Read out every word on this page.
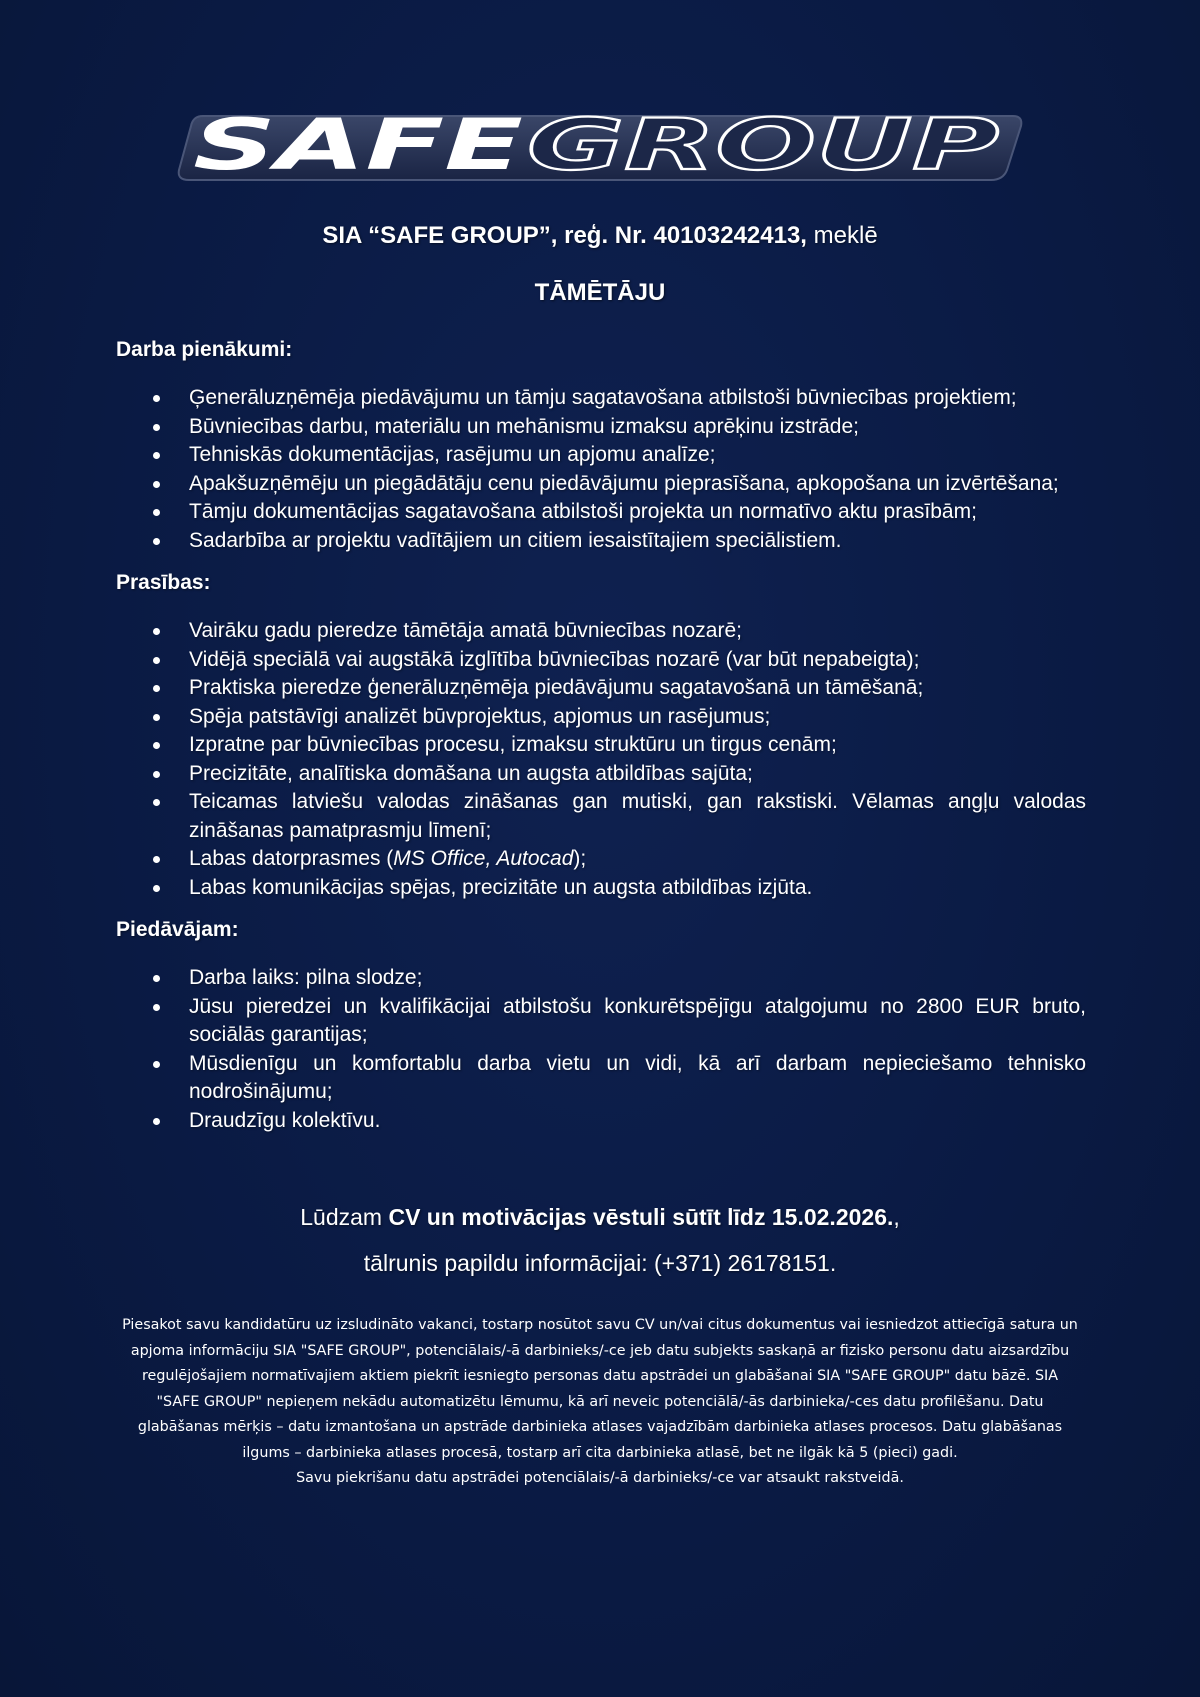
SAFE GROUP
SIA “SAFE GROUP”, reģ. Nr. 40103242413, meklē
TĀMĒTĀJU
Darba pienākumi:
Ģenerāluzņēmēja piedāvājumu un tāmju sagatavošana atbilstoši būvniecības projektiem;
Būvniecības darbu, materiālu un mehānismu izmaksu aprēķinu izstrāde;
Tehniskās dokumentācijas, rasējumu un apjomu analīze;
Apakšuzņēmēju un piegādātāju cenu piedāvājumu pieprasīšana, apkopošana un izvērtēšana;
Tāmju dokumentācijas sagatavošana atbilstoši projekta un normatīvo aktu prasībām;
Sadarbība ar projektu vadītājiem un citiem iesaistītajiem speciālistiem.
Prasības:
Vairāku gadu pieredze tāmētāja amatā būvniecības nozarē;
Vidējā speciālā vai augstākā izglītība būvniecības nozarē (var būt nepabeigta);
Praktiska pieredze ģenerāluzņēmēja piedāvājumu sagatavošanā un tāmēšanā;
Spēja patstāvīgi analizēt būvprojektus, apjomus un rasējumus;
Izpratne par būvniecības procesu, izmaksu struktūru un tirgus cenām;
Precizitāte, analītiska domāšana un augsta atbildības sajūta;
Teicamas latviešu valodas zināšanas gan mutiski, gan rakstiski. Vēlamas angļu valodas zināšanas pamatprasmju līmenī;
Labas datorprasmes (MS Office, Autocad);
Labas komunikācijas spējas, precizitāte un augsta atbildības izjūta.
Piedāvājam:
Darba laiks: pilna slodze;
Jūsu pieredzei un kvalifikācijai atbilstošu konkurētspējīgu atalgojumu no 2800 EUR bruto, sociālās garantijas;
Mūsdienīgu un komfortablu darba vietu un vidi, kā arī darbam nepieciešamo tehnisko nodrošinājumu;
Draudzīgu kolektīvu.
Lūdzam CV un motivācijas vēstuli sūtīt līdz 15.02.2026.,
tālrunis papildu informācijai: (+371) 26178151.
Piesakot savu kandidatūru uz izsludināto vakanci, tostarp nosūtot savu CV un/vai citus dokumentus vai iesniedzot attiecīgā satura un apjoma informāciju SIA "SAFE GROUP", potenciālais/-ā darbinieks/-ce jeb datu subjekts saskaņā ar fizisko personu datu aizsardzību regulējošajiem normatīvajiem aktiem piekrīt iesniegto personas datu apstrādei un glabāšanai SIA "SAFE GROUP" datu bāzē. SIA "SAFE GROUP" nepieņem nekādu automatizētu lēmumu, kā arī neveic potenciālā/-ās darbinieka/-ces datu profilēšanu. Datu glabāšanas mērķis – datu izmantošana un apstrāde darbinieka atlases vajadzībām darbinieka atlases procesos. Datu glabāšanas ilgums – darbinieka atlases procesā, tostarp arī cita darbinieka atlasē, bet ne ilgāk kā 5 (pieci) gadi.
Savu piekrišanu datu apstrādei potenciālais/-ā darbinieks/-ce var atsaukt rakstveidā.
